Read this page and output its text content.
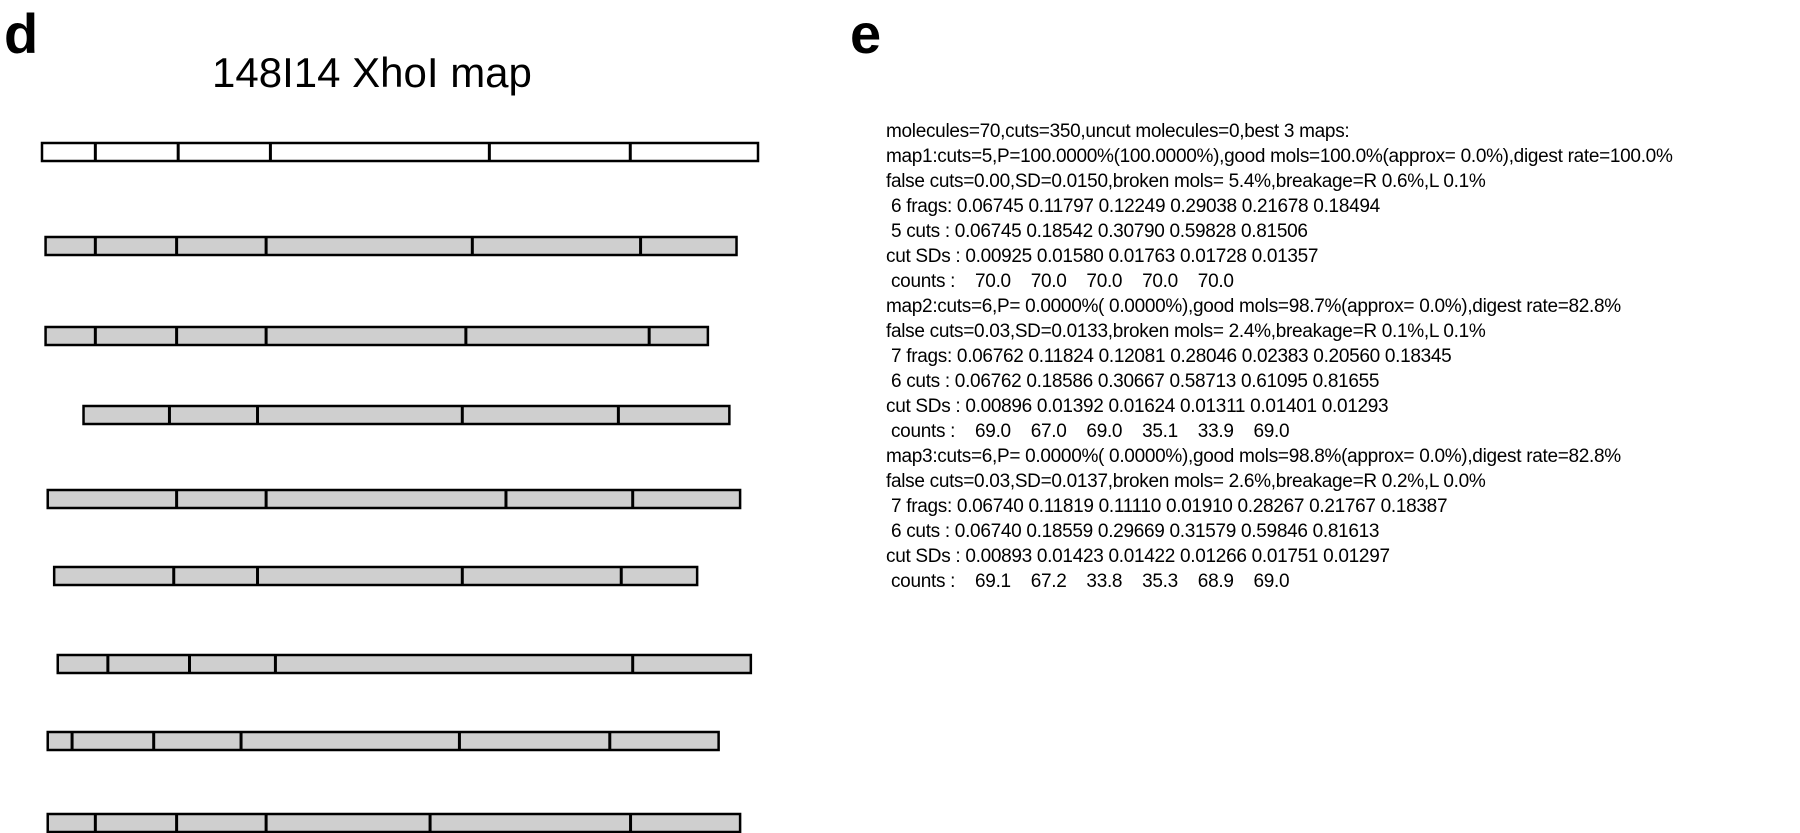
d	e
148I14 XhoI map
molecules=70,cuts=350,uncut molecules=0,best 3 maps:
map1:cuts=5,P=100.0000%(100.0000%),good mols=100.0%(approx= 0.0%),digest rate=100.0%
false cuts=0.00,SD=0.0150,broken mols= 5.4%,breakage=R 0.6%,L 0.1%
6 frags: 0.06745 0.11797 0.12249 0.29038 0.21678 0.18494
5 cuts : 0.06745 0.18542 0.30790 0.59828 0.81506
cut SDs : 0.00925 0.01580 0.01763 0.01728 0.01357
counts :    70.0    70.0    70.0    70.0    70.0
map2:cuts=6,P= 0.0000%( 0.0000%),good mols=98.7%(approx= 0.0%),digest rate=82.8%
false cuts=0.03,SD=0.0133,broken mols= 2.4%,breakage=R 0.1%,L 0.1%
7 frags: 0.06762 0.11824 0.12081 0.28046 0.02383 0.20560 0.18345
6 cuts : 0.06762 0.18586 0.30667 0.58713 0.61095 0.81655
cut SDs : 0.00896 0.01392 0.01624 0.01311 0.01401 0.01293
counts :    69.0    67.0    69.0    35.1    33.9    69.0
map3:cuts=6,P= 0.0000%( 0.0000%),good mols=98.8%(approx= 0.0%),digest rate=82.8%
false cuts=0.03,SD=0.0137,broken mols= 2.6%,breakage=R 0.2%,L 0.0%
7 frags: 0.06740 0.11819 0.11110 0.01910 0.28267 0.21767 0.18387
6 cuts : 0.06740 0.18559 0.29669 0.31579 0.59846 0.81613
cut SDs : 0.00893 0.01423 0.01422 0.01266 0.01751 0.01297
counts :    69.1    67.2    33.8    35.3    68.9    69.0
